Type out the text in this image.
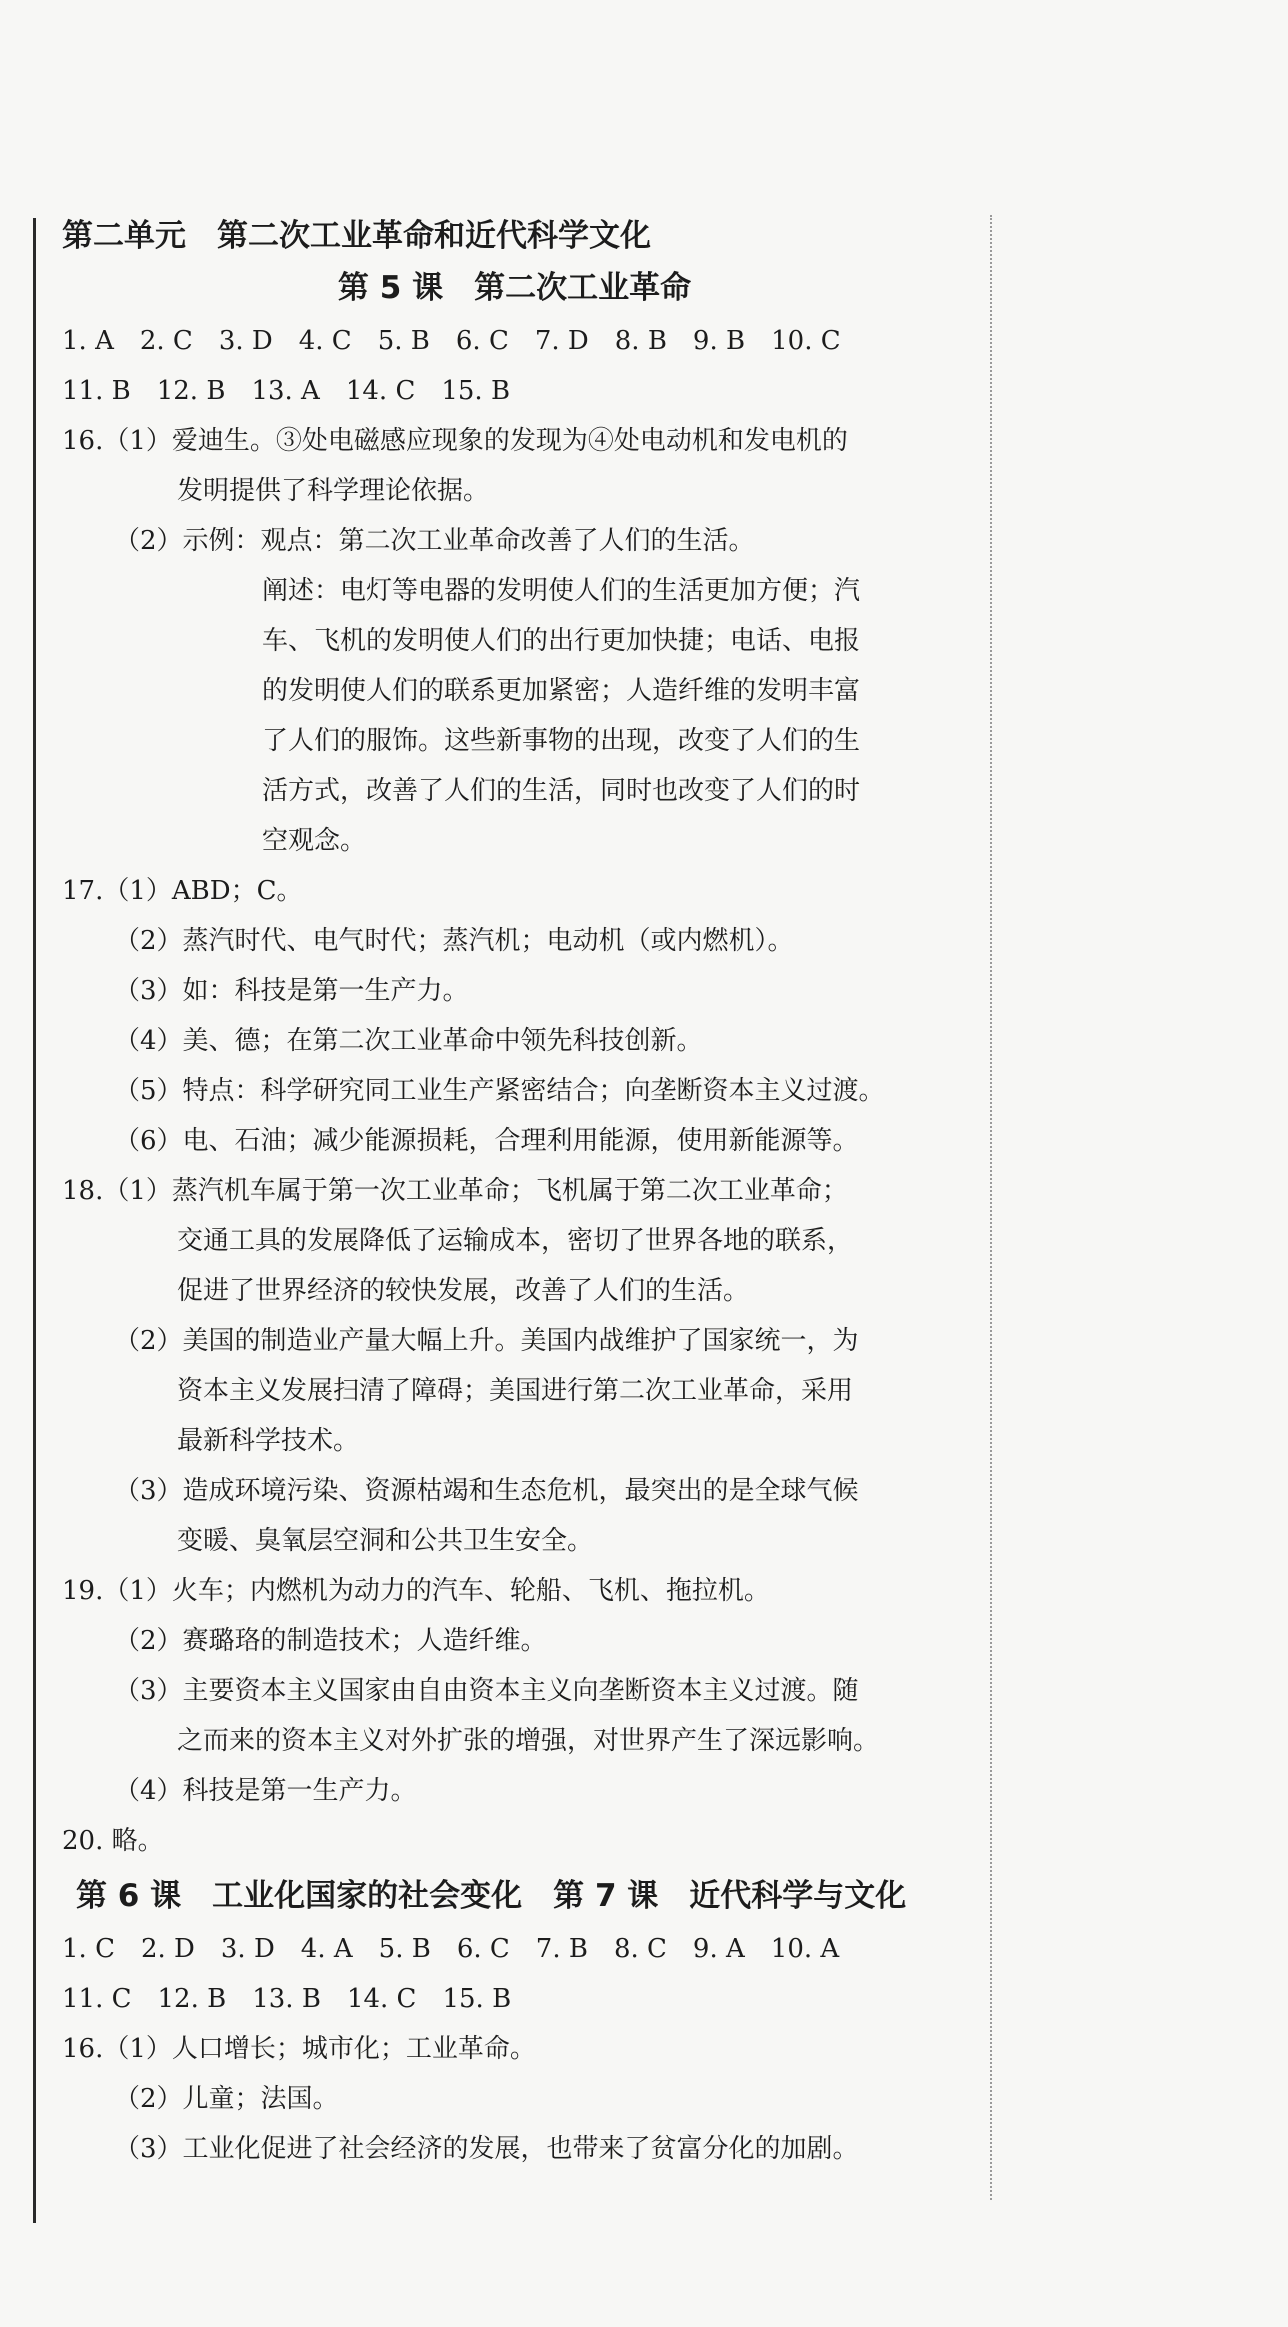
第二单元　第二次工业革命和近代科学文化
第 5 课　第二次工业革命
1. A　2. C　3. D　4. C　5. B　6. C　7. D　8. B　9. B　10. C
11. B　12. B　13. A　14. C　15. B
16.（1）爱迪生。③处电磁感应现象的发现为④处电动机和发电机的
发明提供了科学理论依据。
（2）示例：观点：第二次工业革命改善了人们的生活。
阐述：电灯等电器的发明使人们的生活更加方便；汽
车、飞机的发明使人们的出行更加快捷；电话、电报
的发明使人们的联系更加紧密；人造纤维的发明丰富
了人们的服饰。这些新事物的出现，改变了人们的生
活方式，改善了人们的生活，同时也改变了人们的时
空观念。
17.（1）ABD；C。
（2）蒸汽时代、电气时代；蒸汽机；电动机（或内燃机）。
（3）如：科技是第一生产力。
（4）美、德；在第二次工业革命中领先科技创新。
（5）特点：科学研究同工业生产紧密结合；向垄断资本主义过渡。
（6）电、石油；减少能源损耗，合理利用能源，使用新能源等。
18.（1）蒸汽机车属于第一次工业革命；飞机属于第二次工业革命；
交通工具的发展降低了运输成本，密切了世界各地的联系，
促进了世界经济的较快发展，改善了人们的生活。
（2）美国的制造业产量大幅上升。美国内战维护了国家统一，为
资本主义发展扫清了障碍；美国进行第二次工业革命，采用
最新科学技术。
（3）造成环境污染、资源枯竭和生态危机，最突出的是全球气候
变暖、臭氧层空洞和公共卫生安全。
19.（1）火车；内燃机为动力的汽车、轮船、飞机、拖拉机。
（2）赛璐珞的制造技术；人造纤维。
（3）主要资本主义国家由自由资本主义向垄断资本主义过渡。随
之而来的资本主义对外扩张的增强，对世界产生了深远影响。
（4）科技是第一生产力。
20. 略。
第 6 课　工业化国家的社会变化　第 7 课　近代科学与文化
1. C　2. D　3. D　4. A　5. B　6. C　7. B　8. C　9. A　10. A
11. C　12. B　13. B　14. C　15. B
16.（1）人口增长；城市化；工业革命。
（2）儿童；法国。
（3）工业化促进了社会经济的发展，也带来了贫富分化的加剧。
